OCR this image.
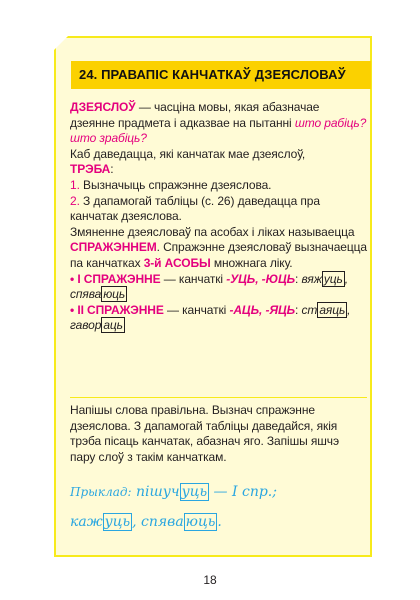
24. ПРАВАПІС КАНЧАТКАЎ ДЗЕЯСЛОВАЎ

ДЗЕЯСЛОЎ — часціна мовы, якая абазначае дзеянне прадмета і адказвае на пытанні што рабіць? што зрабіць?

Каб даведацца, які канчатак мае дзеяслоў,
ТРЭБА:

1. Вызначыць спражэнне дзеяслова.

2. З дапамогай табліцы (с. 26) даведацца пра канчатак дзеяслова.

Змяненне дзеясловаў па асобах і ліках называецца СПРАЖЭННЕМ. Спражэнне дзеясловаў вызначаецца па канчатках 3-й АСОБЫ множнага ліку.

• І СПРАЖЭННЕ — канчаткі -УЦЬ, -ЮЦЬ: вяж уць , спява юць

• ІІ СПРАЖЭННЕ — канчаткі -АЦЬ, -ЯЦЬ: ст аяць , гавор аць

Напішы слова правільна. Вызнач спражэнне дзеяслова. З дапамогай табліцы даведайся, якія трэба пісаць канчатак, абазнач яго. Запішы яшчэ пару слоў з такім канчаткам.

Прыклад: пішуч уць — І спр.;
каж уць , спява юць .
18
